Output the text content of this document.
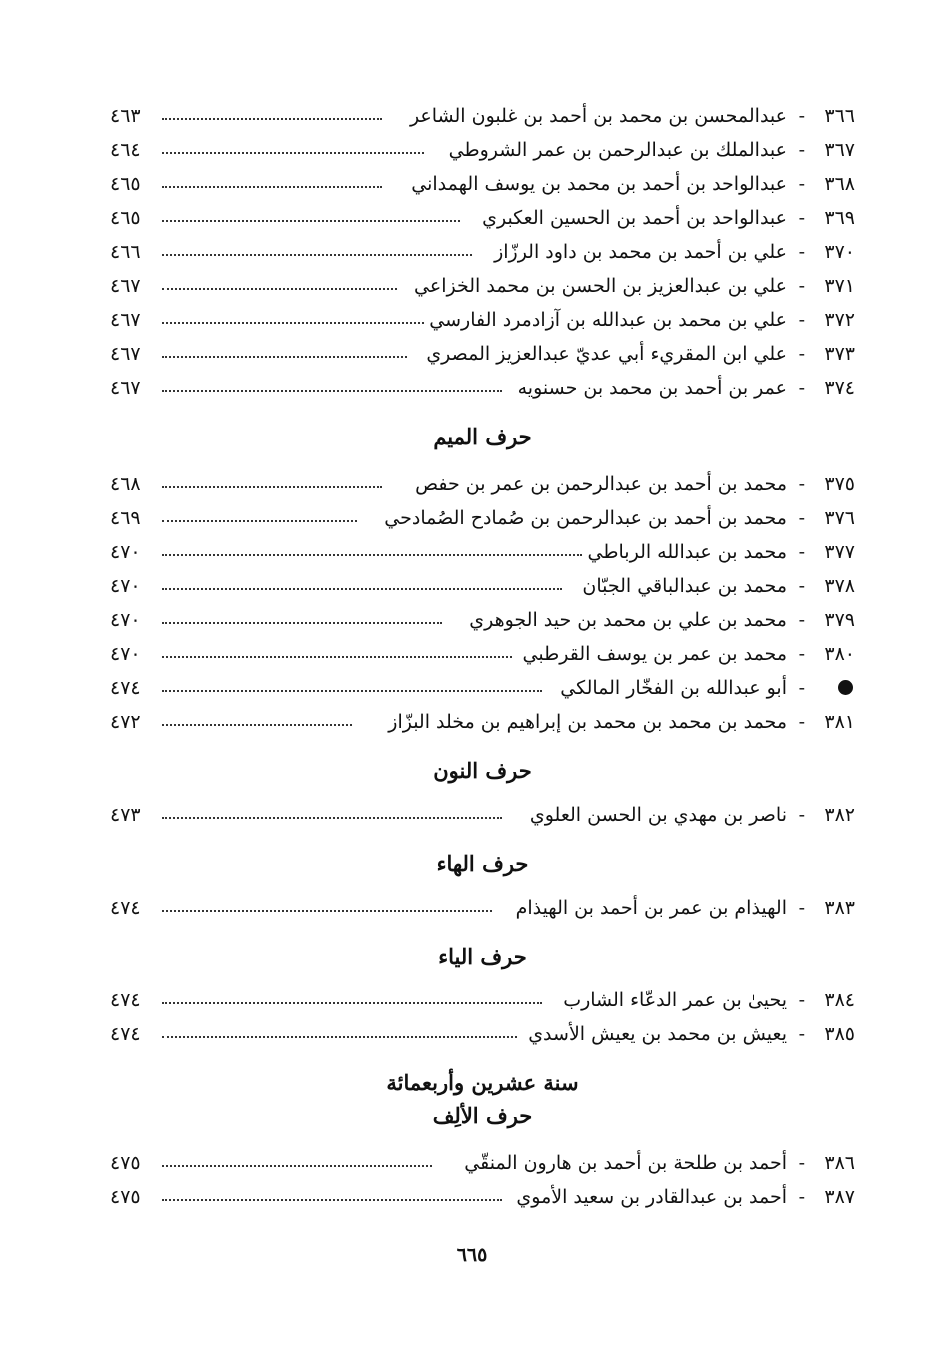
٣٦٦
-
عبدالمحسن بن محمد بن أحمد بن غلبون الشاعر
٤٦٣
٣٦٧
-
عبدالملك بن عبدالرحمن بن عمر الشروطي
٤٦٤
٣٦٨
-
عبدالواحد بن أحمد بن محمد بن يوسف الهمداني
٤٦٥
٣٦٩
-
عبدالواحد بن أحمد بن الحسين العكبري
٤٦٥
٣٧٠
-
علي بن أحمد بن محمد بن داود الرزّاز
٤٦٦
٣٧١
-
علي بن عبدالعزيز بن الحسن بن محمد الخزاعي
٤٦٧
٣٧٢
-
علي بن محمد بن عبدالله بن آزادمرد الفارسي
٤٦٧
٣٧٣
-
علي ابن المقريء أبي عديّ عبدالعزيز المصري
٤٦٧
٣٧٤
-
عمر بن أحمد بن محمد بن حسنويه
٤٦٧
حرف الميم
٣٧٥
-
محمد بن أحمد بن عبدالرحمن بن عمر بن حفص
٤٦٨
٣٧٦
-
محمد بن أحمد بن عبدالرحمن بن صُمادح الصُمادحي
٤٦٩
٣٧٧
-
محمد بن عبدالله الرباطي
٤٧٠
٣٧٨
-
محمد بن عبدالباقي الجبّان
٤٧٠
٣٧٩
-
محمد بن علي بن محمد بن حيد الجوهري
٤٧٠
٣٨٠
-
محمد بن عمر بن يوسف القرطبي
٤٧٠
-
أبو عبدالله بن الفخّار المالكي
٤٧٤
٣٨١
-
محمد بن محمد بن محمد بن إبراهيم بن مخلد البزّاز
٤٧٢
حرف النون
٣٨٢
-
ناصر بن مهدي بن الحسن العلوي
٤٧٣
حرف الهاء
٣٨٣
-
الهيذام بن عمر بن أحمد بن الهيذام
٤٧٤
حرف الياء
٣٨٤
-
يحيىٰ بن عمر الدعّاء الشارب
٤٧٤
٣٨٥
-
يعيش بن محمد بن يعيش الأسدي
٤٧٤
سنة عشرين وأربعمائة
حرف الألِف
٣٨٦
-
أحمد بن طلحة بن أحمد بن هارون المنقّي
٤٧٥
٣٨٧
-
أحمد بن عبدالقادر بن سعيد الأموي
٤٧٥
٦٦٥
